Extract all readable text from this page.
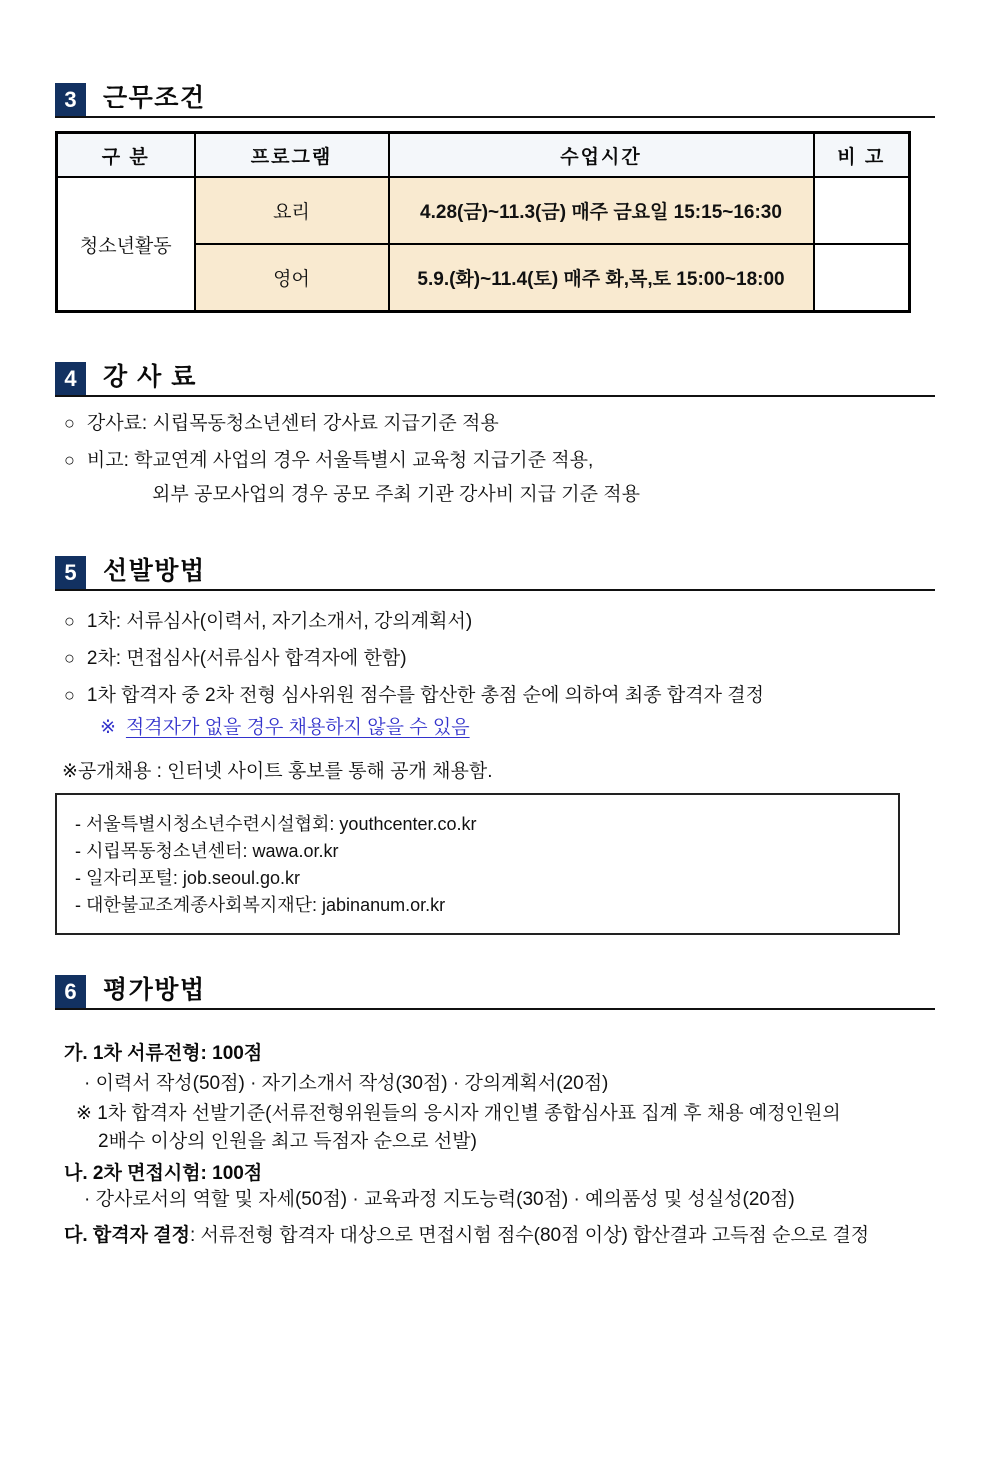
3	근무조건
구 분	프로그램	수업시간	비 고
청소년활동	요리	4.28(금)~11.3(금) 매주 금요일 15:15~16:30	
	영어	5.9.(화)~11.4(토) 매주 화,목,토 15:00~18:00	
4	강 사 료
○ 강사료: 시립목동청소년센터 강사료 지급기준 적용
○ 비고: 학교연계 사업의 경우 서울특별시 교육청 지급기준 적용,
외부 공모사업의 경우 공모 주최 기관 강사비 지급 기준 적용
5	선발방법
○ 1차: 서류심사(이력서, 자기소개서, 강의계획서)
○ 2차: 면접심사(서류심사 합격자에 한함)
○ 1차 합격자 중 2차 전형 심사위원 점수를 합산한 총점 순에 의하여 최종 합격자 결정
※ 적격자가 없을 경우 채용하지 않을 수 있음
※공개채용 : 인터넷 사이트 홍보를 통해 공개 채용함.
- 서울특별시청소년수련시설협회: youthcenter.co.kr
- 시립목동청소년센터: wawa.or.kr
- 일자리포털: job.seoul.go.kr
- 대한불교조계종사회복지재단: jabinanum.or.kr
6	평가방법
가. 1차 서류전형: 100점
· 이력서 작성(50점) · 자기소개서 작성(30점) · 강의계획서(20점)
※ 1차 합격자 선발기준(서류전형위원들의 응시자 개인별 종합심사표 집계 후 채용 예정인원의
2배수 이상의 인원을 최고 득점자 순으로 선발)
나. 2차 면접시험: 100점
· 강사로서의 역할 및 자세(50점) · 교육과정 지도능력(30점) · 예의품성 및 성실성(20점)
다. 합격자 결정: 서류전형 합격자 대상으로 면접시험 점수(80점 이상) 합산결과 고득점 순으로 결정
